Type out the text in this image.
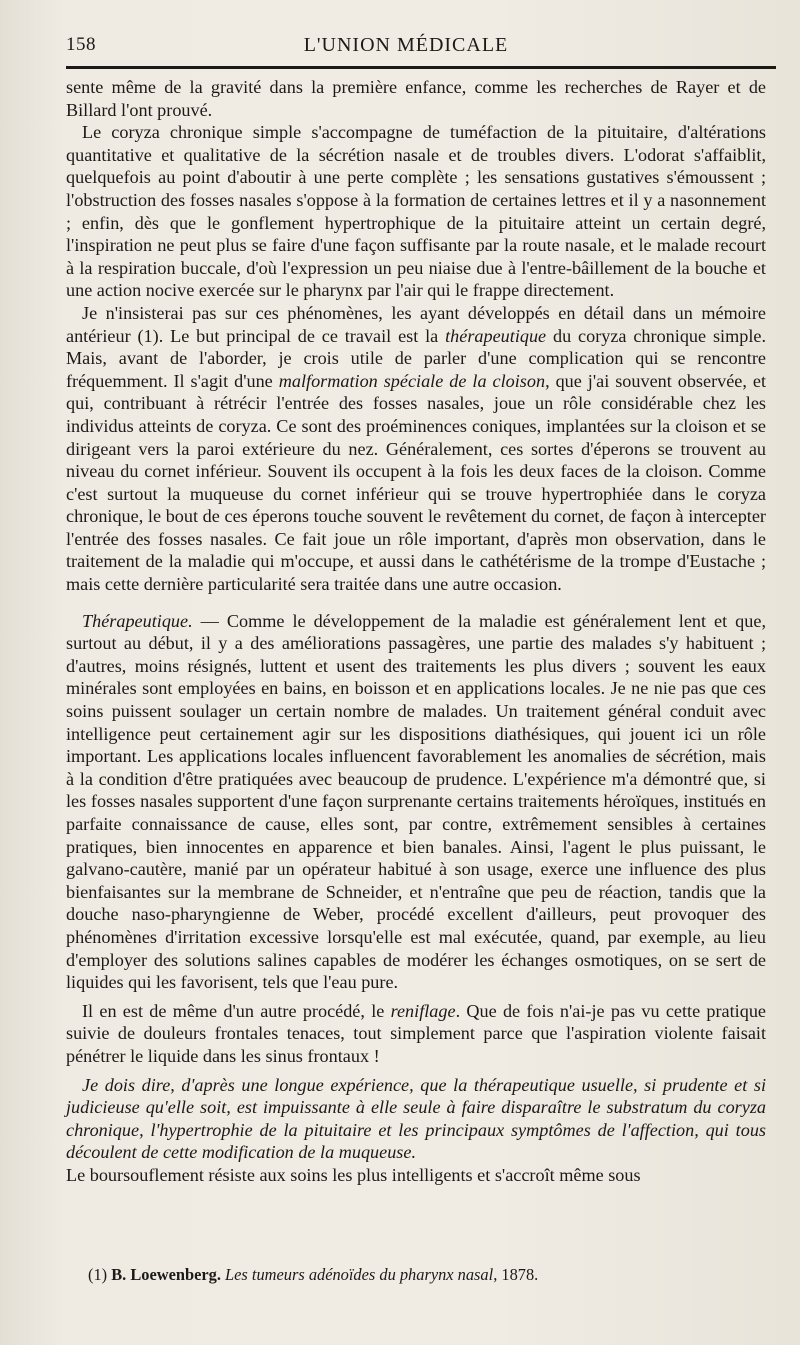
158	L'UNION MÉDICALE

sente même de la gravité dans la première enfance, comme les recherches de Rayer et de Billard l'ont prouvé.

Le coryza chronique simple s'accompagne de tuméfaction de la pituitaire, d'altérations quantitative et qualitative de la sécrétion nasale et de troubles divers. L'odorat s'affaiblit, quelquefois au point d'aboutir à une perte complète ; les sensations gustatives s'émoussent ; l'obstruction des fosses nasales s'oppose à la formation de certaines lettres et il y a nasonnement ; enfin, dès que le gonflement hypertrophique de la pituitaire atteint un certain degré, l'inspiration ne peut plus se faire d'une façon suffisante par la route nasale, et le malade recourt à la respiration buccale, d'où l'expression un peu niaise due à l'entre-bâillement de la bouche et une action nocive exercée sur le pharynx par l'air qui le frappe directement.

Je n'insisterai pas sur ces phénomènes, les ayant développés en détail dans un mémoire antérieur (1). Le but principal de ce travail est la thérapeutique du coryza chronique simple. Mais, avant de l'aborder, je crois utile de parler d'une complication qui se rencontre fréquemment. Il s'agit d'une malformation spéciale de la cloison, que j'ai souvent observée, et qui, contribuant à rétrécir l'entrée des fosses nasales, joue un rôle considérable chez les individus atteints de coryza. Ce sont des proéminences coniques, implantées sur la cloison et se dirigeant vers la paroi extérieure du nez. Généralement, ces sortes d'éperons se trouvent au niveau du cornet inférieur. Souvent ils occupent à la fois les deux faces de la cloison. Comme c'est surtout la muqueuse du cornet inférieur qui se trouve hypertrophiée dans le coryza chronique, le bout de ces éperons touche souvent le revêtement du cornet, de façon à intercepter l'entrée des fosses nasales. Ce fait joue un rôle important, d'après mon observation, dans le traitement de la maladie qui m'occupe, et aussi dans le cathétérisme de la trompe d'Eustache ; mais cette dernière particularité sera traitée dans une autre occasion.

Thérapeutique. — Comme le développement de la maladie est généralement lent et que, surtout au début, il y a des améliorations passagères, une partie des malades s'y habituent ; d'autres, moins résignés, luttent et usent des traitements les plus divers ; souvent les eaux minérales sont employées en bains, en boisson et en applications locales. Je ne nie pas que ces soins puissent soulager un certain nombre de malades. Un traitement général conduit avec intelligence peut certainement agir sur les dispositions diathésiques, qui jouent ici un rôle important. Les applications locales influencent favorablement les anomalies de sécrétion, mais à la condition d'être pratiquées avec beaucoup de prudence. L'expérience m'a démontré que, si les fosses nasales supportent d'une façon surprenante certains traitements héroïques, institués en parfaite connaissance de cause, elles sont, par contre, extrêmement sensibles à certaines pratiques, bien innocentes en apparence et bien banales. Ainsi, l'agent le plus puissant, le galvano-cautère, manié par un opérateur habitué à son usage, exerce une influence des plus bienfaisantes sur la membrane de Schneider, et n'entraîne que peu de réaction, tandis que la douche naso-pharyngienne de Weber, procédé excellent d'ailleurs, peut provoquer des phénomènes d'irritation excessive lorsqu'elle est mal exécutée, quand, par exemple, au lieu d'employer des solutions salines capables de modérer les échanges osmotiques, on se sert de liquides qui les favorisent, tels que l'eau pure.

Il en est de même d'un autre procédé, le reniflage. Que de fois n'ai-je pas vu cette pratique suivie de douleurs frontales tenaces, tout simplement parce que l'aspiration violente faisait pénétrer le liquide dans les sinus frontaux !

Je dois dire, d'après une longue expérience, que la thérapeutique usuelle, si prudente et si judicieuse qu'elle soit, est impuissante à elle seule à faire disparaître le substratum du coryza chronique, l'hypertrophie de la pituitaire et les principaux symptômes de l'affection, qui tous découlent de cette modification de la muqueuse.

Le boursouflement résiste aux soins les plus intelligents et s'accroît même sous

(1) B. Loewenberg. Les tumeurs adénoïdes du pharynx nasal, 1878.
